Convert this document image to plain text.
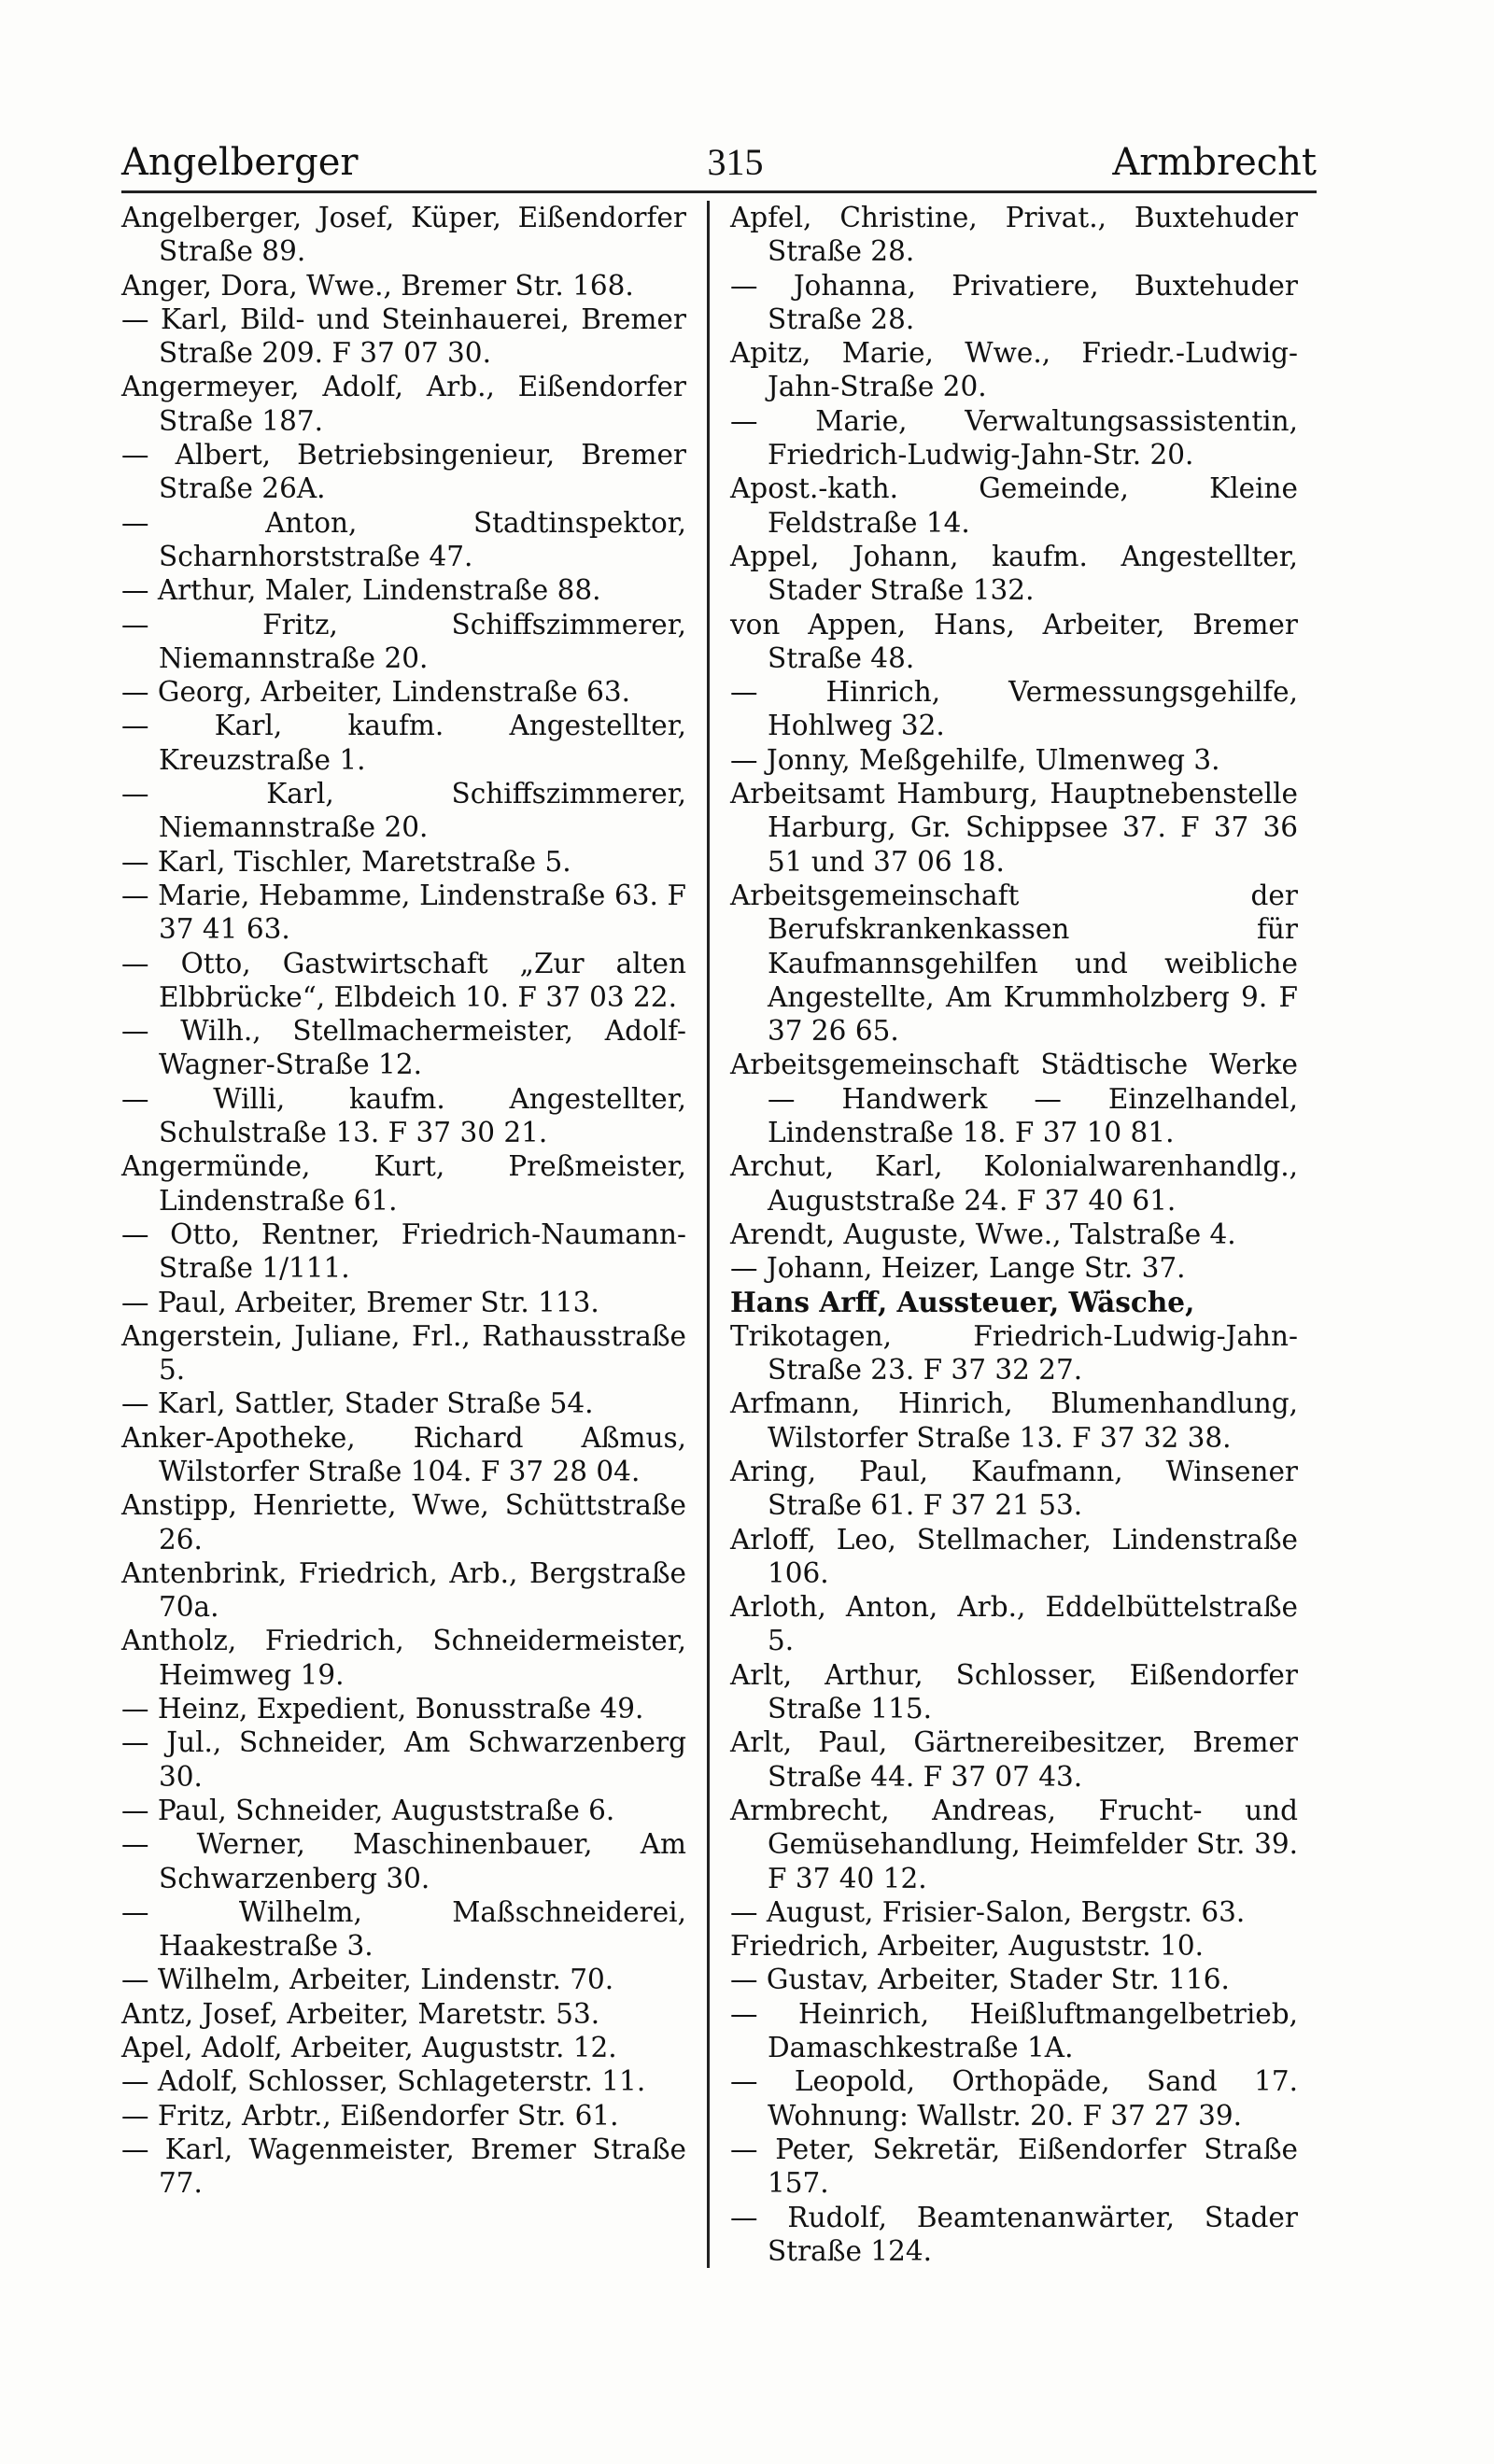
Angelberger	315	Armbrecht

Angelberger, Josef, Küper, Eißendorfer Straße 89.

Anger, Dora, Wwe., Bremer Str. 168.

— Karl, Bild- und Steinhauerei, Bremer Straße 209. F 37 07 30.

Angermeyer, Adolf, Arb., Eißendorfer Straße 187.

— Albert, Betriebsingenieur, Bremer Straße 26A.

— Anton, Stadtinspektor, Scharnhorststraße 47.

— Arthur, Maler, Lindenstraße 88.

— Fritz, Schiffszimmerer, Niemannstraße 20.

— Georg, Arbeiter, Lindenstraße 63.

— Karl, kaufm. Angestellter, Kreuzstraße 1.

— Karl, Schiffszimmerer, Niemannstraße 20.

— Karl, Tischler, Maretstraße 5.

— Marie, Hebamme, Lindenstraße 63. F 37 41 63.

— Otto, Gastwirtschaft „Zur alten Elbbrücke“, Elbdeich 10. F 37 03 22.

— Wilh., Stellmachermeister, Adolf-Wagner-Straße 12.

— Willi, kaufm. Angestellter, Schulstraße 13. F 37 30 21.

Angermünde, Kurt, Preßmeister, Lindenstraße 61.

— Otto, Rentner, Friedrich-Naumann-Straße 1/111.

— Paul, Arbeiter, Bremer Str. 113.

Angerstein, Juliane, Frl., Rathausstraße 5.

— Karl, Sattler, Stader Straße 54.

Anker-Apotheke, Richard Aßmus, Wilstorfer Straße 104. F 37 28 04.

Anstipp, Henriette, Wwe, Schüttstraße 26.

Antenbrink, Friedrich, Arb., Bergstraße 70a.

Antholz, Friedrich, Schneidermeister, Heimweg 19.

— Heinz, Expedient, Bonusstraße 49.

— Jul., Schneider, Am Schwarzenberg 30.

— Paul, Schneider, Auguststraße 6.

— Werner, Maschinenbauer, Am Schwarzenberg 30.

— Wilhelm, Maßschneiderei, Haakestraße 3.

— Wilhelm, Arbeiter, Lindenstr. 70.

Antz, Josef, Arbeiter, Maretstr. 53.

Apel, Adolf, Arbeiter, Auguststr. 12.

— Adolf, Schlosser, Schlageterstr. 11.

— Fritz, Arbtr., Eißendorfer Str. 61.

— Karl, Wagenmeister, Bremer Straße 77.

Apfel, Christine, Privat., Buxtehuder Straße 28.

— Johanna, Privatiere, Buxtehuder Straße 28.

Apitz, Marie, Wwe., Friedr.-Ludwig-Jahn-Straße 20.

— Marie, Verwaltungsassistentin, Friedrich-Ludwig-Jahn-Str. 20.

Apost.-kath. Gemeinde, Kleine Feldstraße 14.

Appel, Johann, kaufm. Angestellter, Stader Straße 132.

von Appen, Hans, Arbeiter, Bremer Straße 48.

— Hinrich, Vermessungsgehilfe, Hohlweg 32.

— Jonny, Meßgehilfe, Ulmenweg 3.

Arbeitsamt Hamburg, Hauptnebenstelle Harburg, Gr. Schippsee 37. F 37 36 51 und 37 06 18.

Arbeitsgemeinschaft der Berufskrankenkassen für Kaufmannsgehilfen und weibliche Angestellte, Am Krummholzberg 9. F 37 26 65.

Arbeitsgemeinschaft Städtische Werke — Handwerk — Einzelhandel, Lindenstraße 18. F 37 10 81.

Archut, Karl, Kolonialwarenhandlg., Auguststraße 24. F 37 40 61.

Arendt, Auguste, Wwe., Talstraße 4.

— Johann, Heizer, Lange Str. 37.

Hans Arff, Aussteuer, Wäsche,

Trikotagen, Friedrich-Ludwig-Jahn-Straße 23. F 37 32 27.

Arfmann, Hinrich, Blumenhandlung, Wilstorfer Straße 13. F 37 32 38.

Aring, Paul, Kaufmann, Winsener Straße 61. F 37 21 53.

Arloff, Leo, Stellmacher, Lindenstraße 106.

Arloth, Anton, Arb., Eddelbüttelstraße 5.

Arlt, Arthur, Schlosser, Eißendorfer Straße 115.

Arlt, Paul, Gärtnereibesitzer, Bremer Straße 44. F 37 07 43.

Armbrecht, Andreas, Frucht- und Gemüsehandlung, Heimfelder Str. 39. F 37 40 12.

— August, Frisier-Salon, Bergstr. 63.

Friedrich, Arbeiter, Auguststr. 10.

— Gustav, Arbeiter, Stader Str. 116.

— Heinrich, Heißluftmangelbetrieb, Damaschkestraße 1A.

— Leopold, Orthopäde, Sand 17. Wohnung: Wallstr. 20. F 37 27 39.

— Peter, Sekretär, Eißendorfer Straße 157.

— Rudolf, Beamtenanwärter, Stader Straße 124.
